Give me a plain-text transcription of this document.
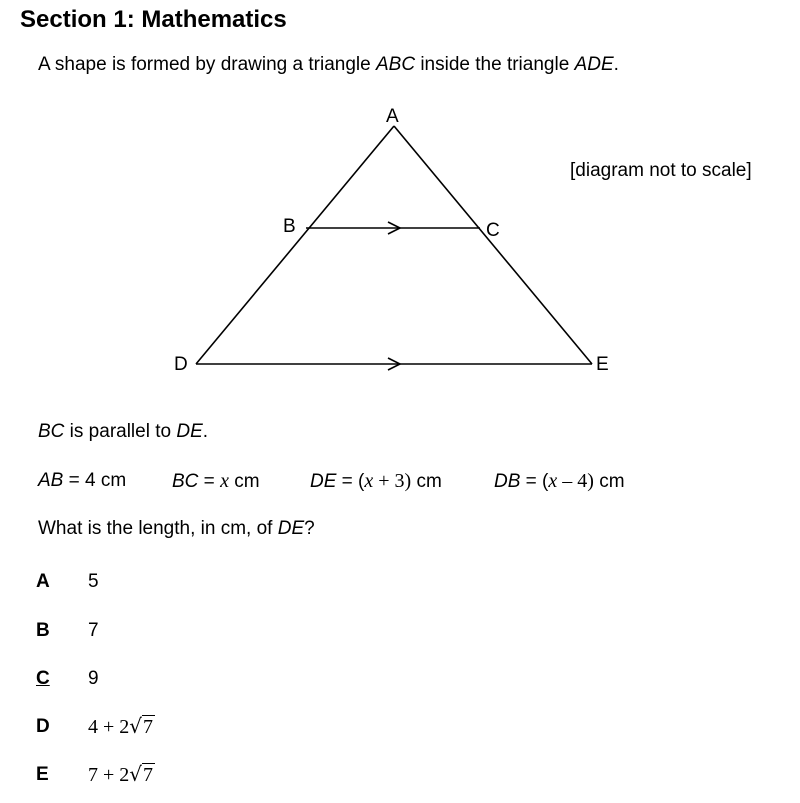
Section 1: Mathematics
A shape is formed by drawing a triangle ABC inside the triangle ADE.
A
B	C
D	E
[diagram not to scale]
BC is parallel to DE.
AB = 4 cm BC = x cm	DE = (x + 3) cm	DB = (x – 4) cm
What is the length, in cm, of DE?
A 5
B 7
C 9
D 4 + 2√7
E 7 + 2√7
